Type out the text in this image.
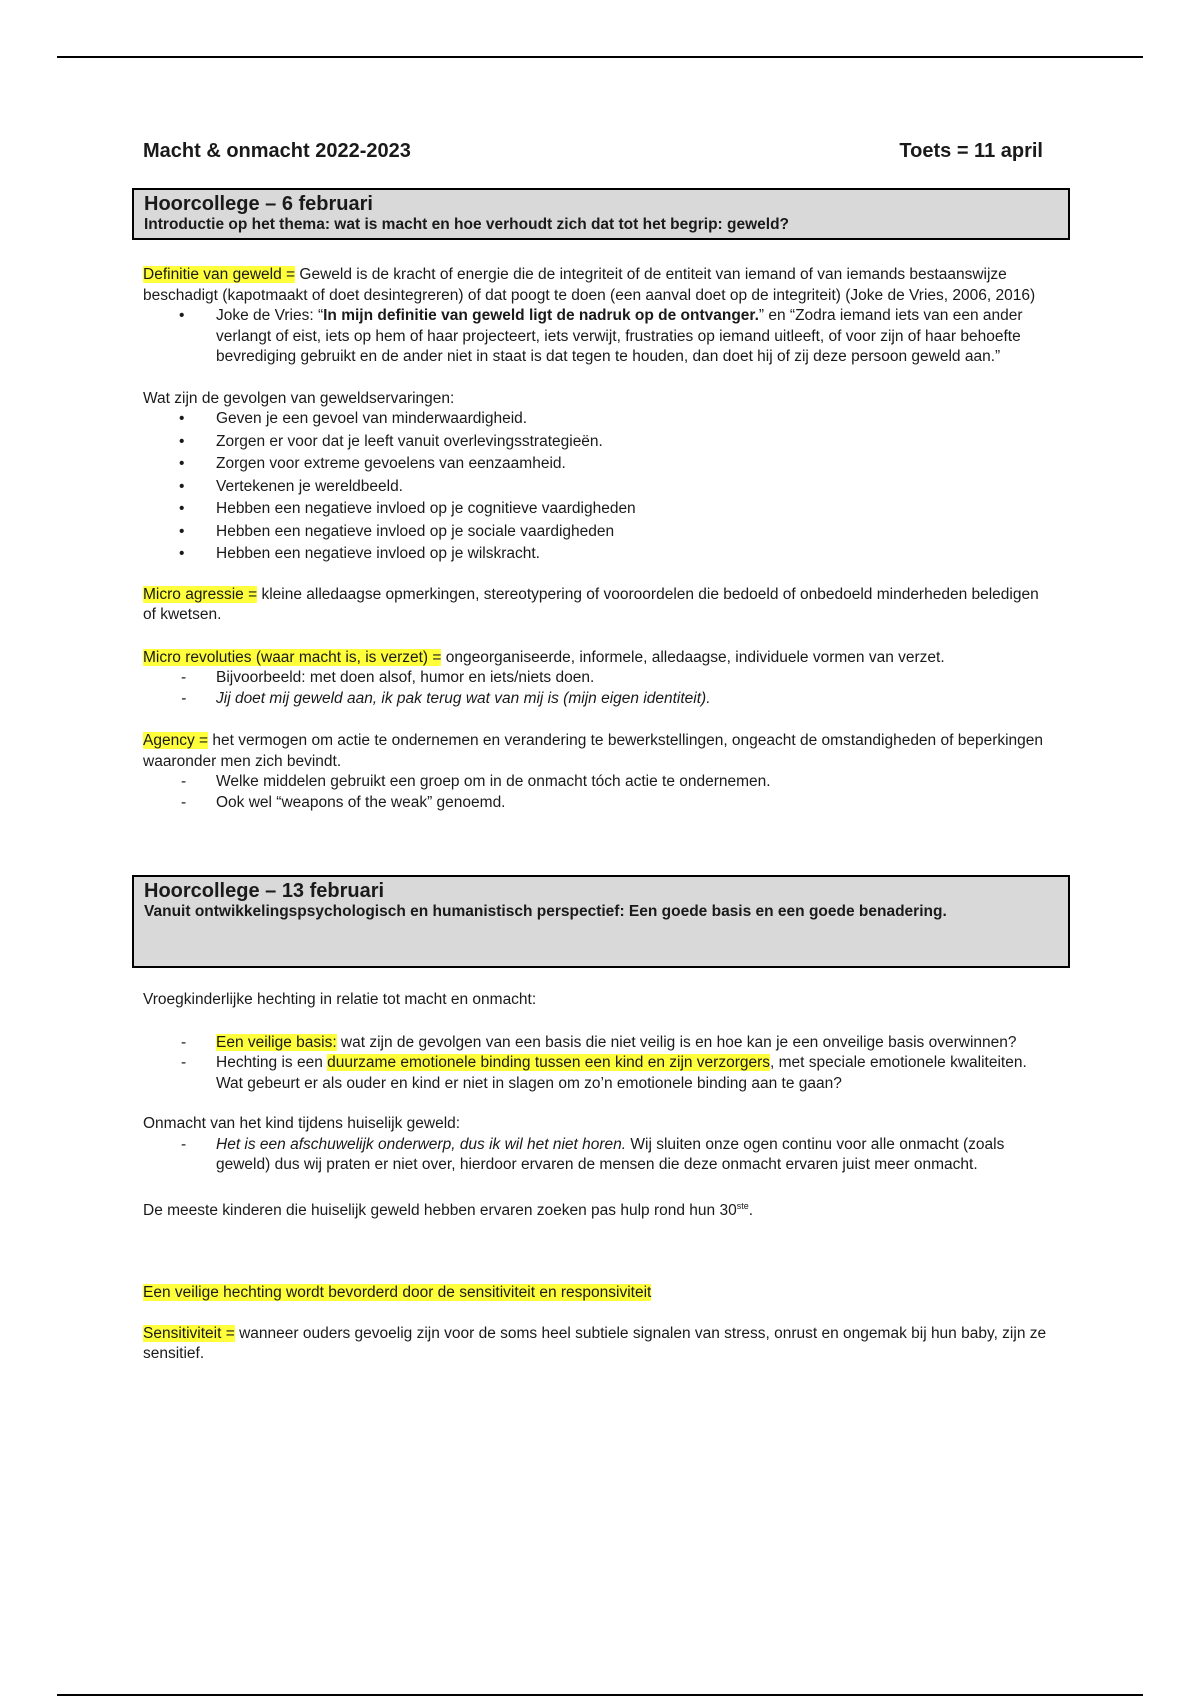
Macht & onmacht 2022-2023	Toets = 11 april
Hoorcollege – 6 februari
Introductie op het thema: wat is macht en hoe verhoudt zich dat tot het begrip: geweld?

Definitie van geweld = Geweld is de kracht of energie die de integriteit of de entiteit van iemand of van iemands bestaanswijze beschadigt (kapotmaakt of doet desintegreren) of dat poogt te doen (een aanval doet op de integriteit) (Joke de Vries, 2006, 2016)

• Joke de Vries: “In mijn definitie van geweld ligt de nadruk op de ontvanger.” en “Zodra iemand iets van een ander verlangt of eist, iets op hem of haar projecteert, iets verwijt, frustraties op iemand uitleeft, of voor zijn of haar behoefte bevrediging gebruikt en de ander niet in staat is dat tegen te houden, dan doet hij of zij deze persoon geweld aan.”

Wat zijn de gevolgen van geweldservaringen:

• Geven je een gevoel van minderwaardigheid.
• Zorgen er voor dat je leeft vanuit overlevingsstrategieën.
• Zorgen voor extreme gevoelens van eenzaamheid.
• Vertekenen je wereldbeeld.
• Hebben een negatieve invloed op je cognitieve vaardigheden
• Hebben een negatieve invloed op je sociale vaardigheden
• Hebben een negatieve invloed op je wilskracht.

Micro agressie = kleine alledaagse opmerkingen, stereotypering of vooroordelen die bedoeld of onbedoeld minderheden beledigen of kwetsen.

Micro revoluties (waar macht is, is verzet) = ongeorganiseerde, informele, alledaagse, individuele vormen van verzet.

- Bijvoorbeeld: met doen alsof, humor en iets/niets doen.
- Jij doet mij geweld aan, ik pak terug wat van mij is (mijn eigen identiteit).

Agency = het vermogen om actie te ondernemen en verandering te bewerkstellingen, ongeacht de omstandigheden of beperkingen waaronder men zich bevindt.

- Welke middelen gebruikt een groep om in de onmacht tóch actie te ondernemen.
- Ook wel “weapons of the weak” genoemd.
Hoorcollege – 13 februari
Vanuit ontwikkelingspsychologisch en humanistisch perspectief: Een goede basis en een goede benadering.

Vroegkinderlijke hechting in relatie tot macht en onmacht:

- Een veilige basis: wat zijn de gevolgen van een basis die niet veilig is en hoe kan je een onveilige basis overwinnen?
- Hechting is een duurzame emotionele binding tussen een kind en zijn verzorgers, met speciale emotionele kwaliteiten. Wat gebeurt er als ouder en kind er niet in slagen om zo’n emotionele binding aan te gaan?

Onmacht van het kind tijdens huiselijk geweld:

- Het is een afschuwelijk onderwerp, dus ik wil het niet horen. Wij sluiten onze ogen continu voor alle onmacht (zoals geweld) dus wij praten er niet over, hierdoor ervaren de mensen die deze onmacht ervaren juist meer onmacht.

De meeste kinderen die huiselijk geweld hebben ervaren zoeken pas hulp rond hun 30ste.

Een veilige hechting wordt bevorderd door de sensitiviteit en responsiviteit

Sensitiviteit = wanneer ouders gevoelig zijn voor de soms heel subtiele signalen van stress, onrust en ongemak bij hun baby, zijn ze sensitief.
